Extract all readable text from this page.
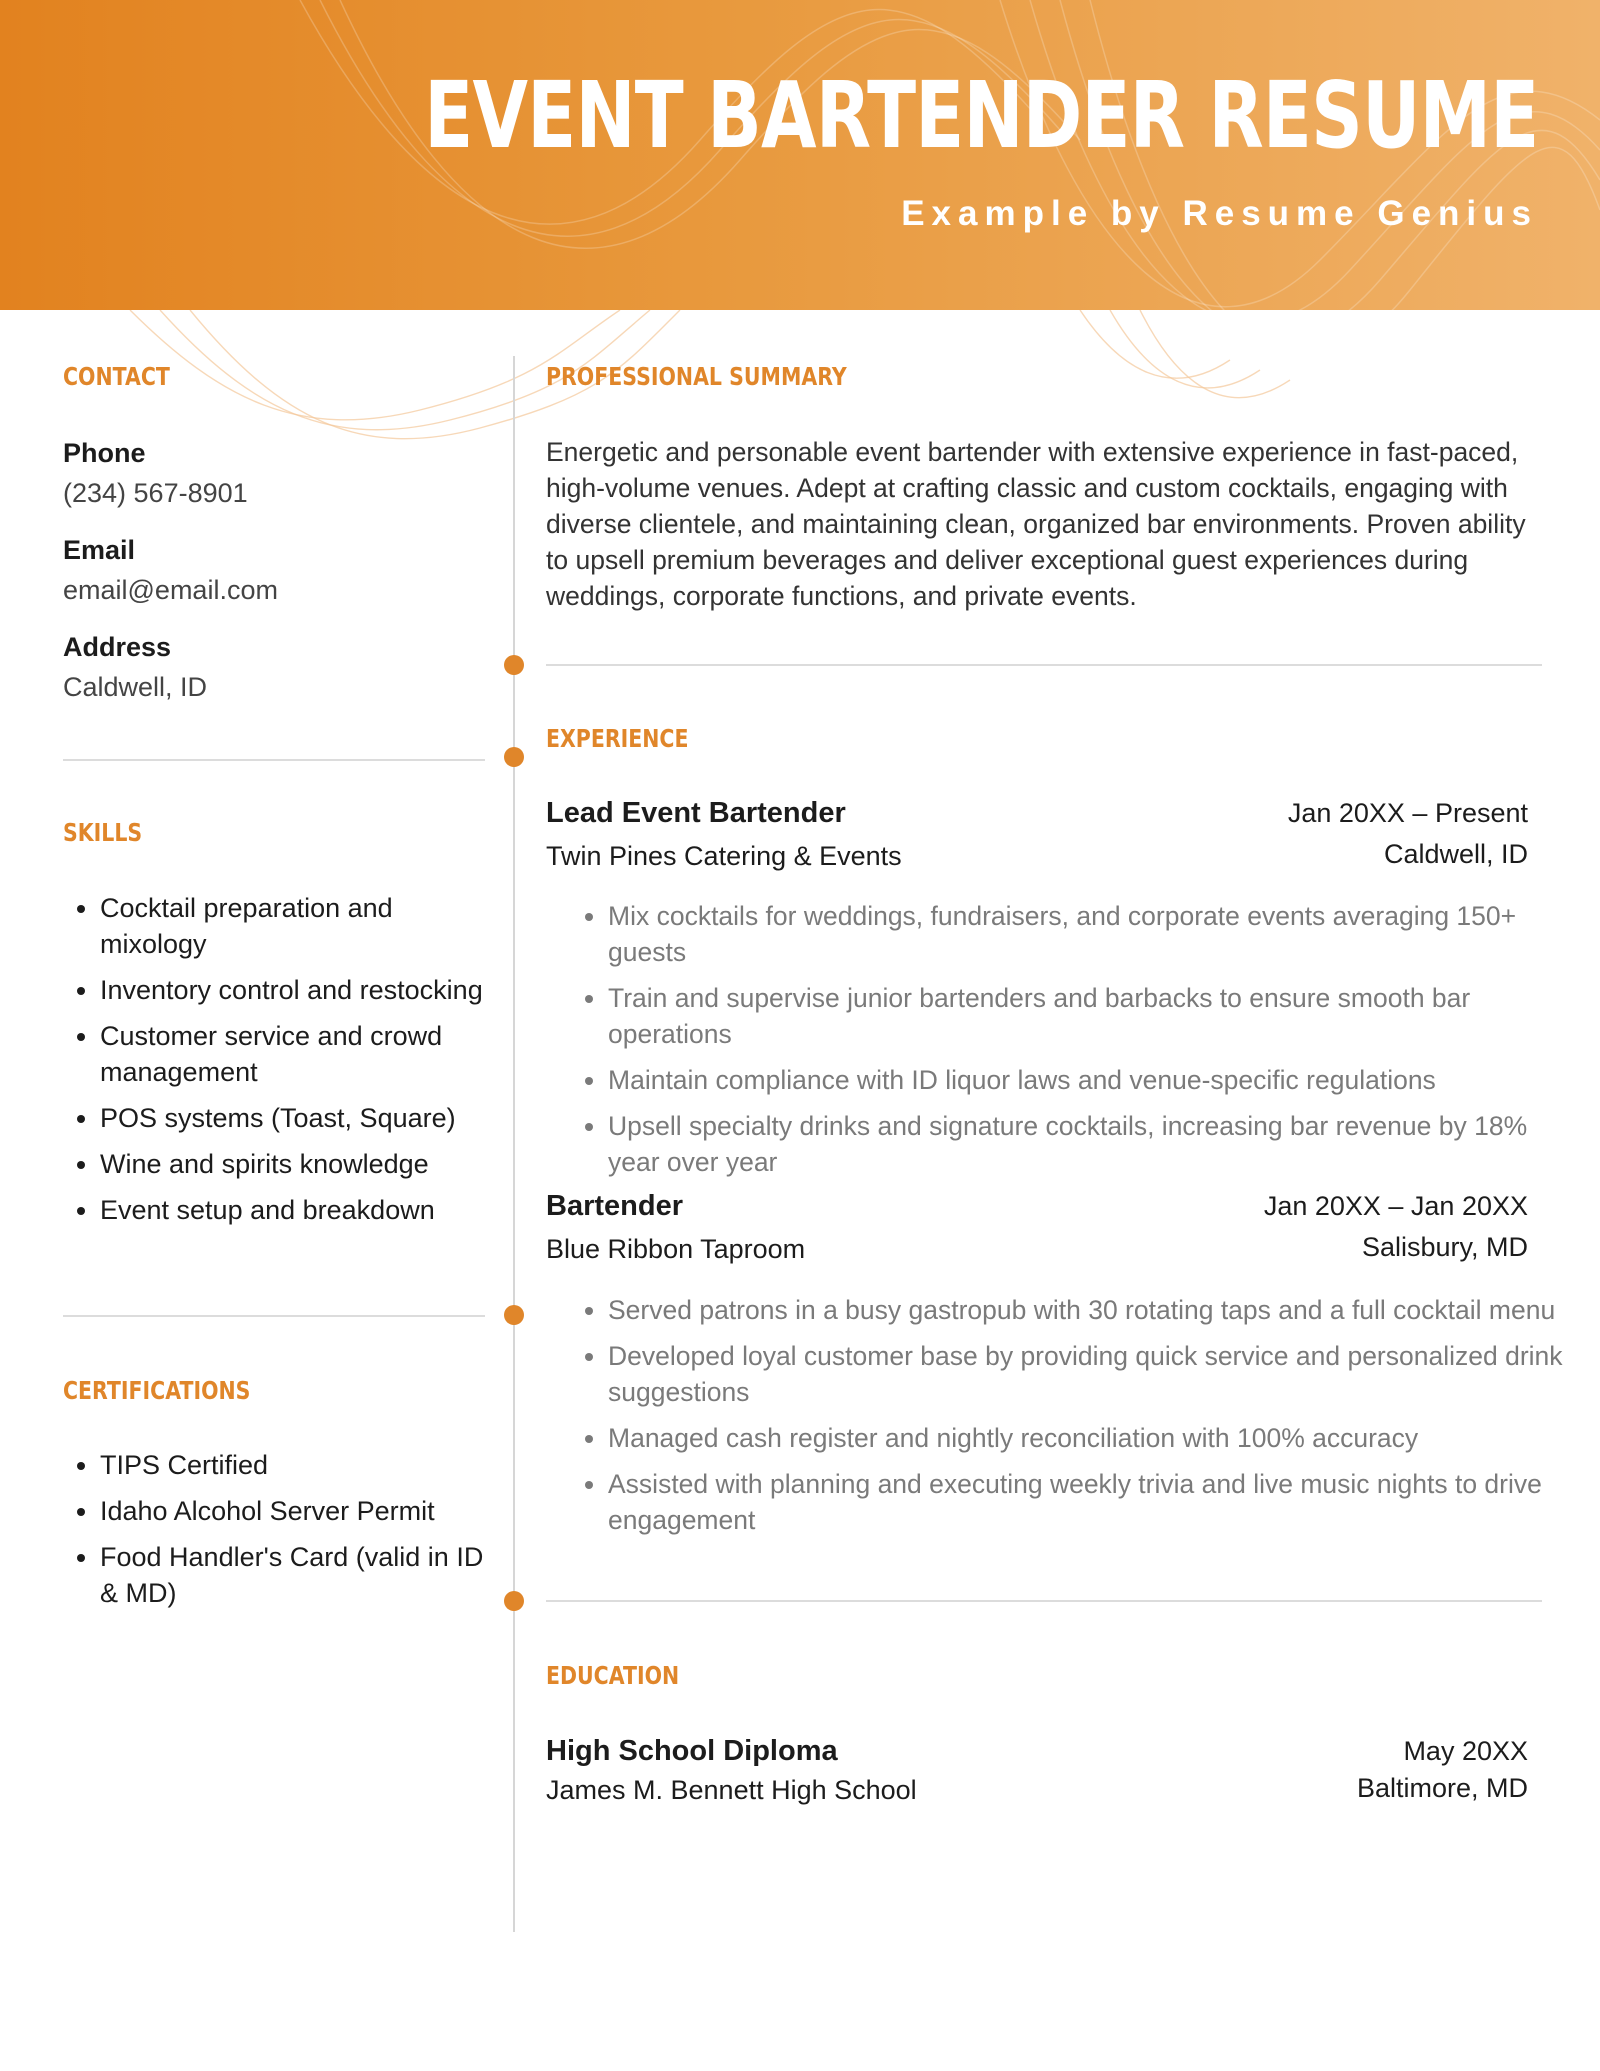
EVENT BARTENDER RESUME
Example by Resume Genius
CONTACT
Phone
(234) 567-8901
Email
email@email.com
Address
Caldwell, ID
SKILLS
• Cocktail preparation and mixology
• Inventory control and restocking
• Customer service and crowd management
• POS systems (Toast, Square)
• Wine and spirits knowledge
• Event setup and breakdown
CERTIFICATIONS
• TIPS Certified
• Idaho Alcohol Server Permit
• Food Handler's Card (valid in ID & MD)
PROFESSIONAL SUMMARY

Energetic and personable event bartender with extensive experience in fast-paced, high-volume venues. Adept at crafting classic and custom cocktails, engaging with diverse clientele, and maintaining clean, organized bar environments. Proven ability to upsell premium beverages and deliver exceptional guest experiences during weddings, corporate functions, and private events.

EXPERIENCE
Lead Event Bartender
Twin Pines Catering & Events
Jan 20XX – Present
Caldwell, ID
• Mix cocktails for weddings, fundraisers, and corporate events averaging 150+ guests
• Train and supervise junior bartenders and barbacks to ensure smooth bar operations
• Maintain compliance with ID liquor laws and venue-specific regulations
• Upsell specialty drinks and signature cocktails, increasing bar revenue by 18% year over year
Bartender
Blue Ribbon Taproom
Jan 20XX – Jan 20XX
Salisbury, MD
• Served patrons in a busy gastropub with 30 rotating taps and a full cocktail menu
• Developed loyal customer base by providing quick service and personalized drink suggestions
• Managed cash register and nightly reconciliation with 100% accuracy
• Assisted with planning and executing weekly trivia and live music nights to drive engagement
EDUCATION
High School Diploma
James M. Bennett High School
May 20XX
Baltimore, MD
